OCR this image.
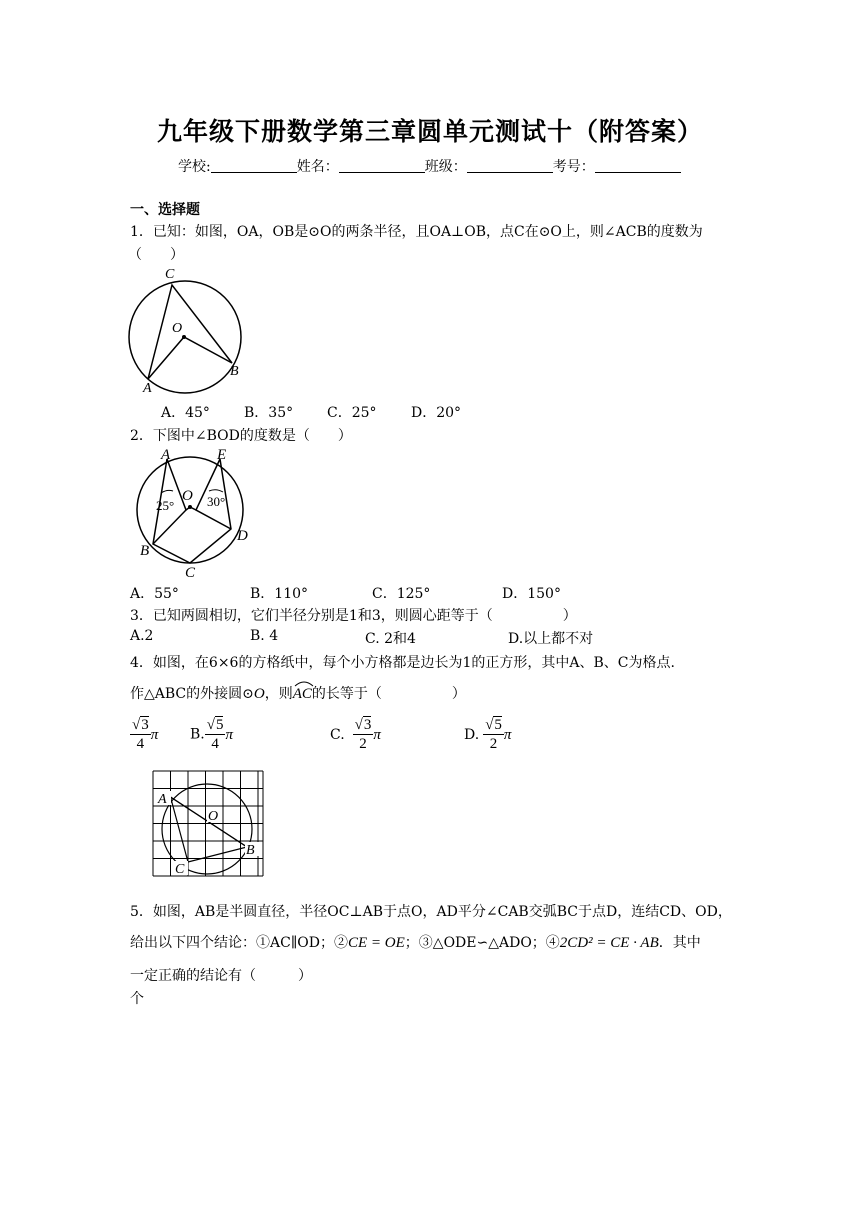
九年级下册数学第三章圆单元测试十（附答案）
学校:	姓名：	班级：	考号：
一、选择题
1．已知：如图，OA，OB是⊙O的两条半径，且OA⊥OB，点C在⊙O上，则∠ACB的度数为
（　　）
C
O
A
B
A．45° B．35° C．25° D．20°
2．下图中∠BOD的度数是（　　）
A	E
O
B
D
C
25°	30°
A．55°	B．110°	C．125°	D．150°
3．已知两圆相切，它们半径分别是1和3，则圆心距等于（　　　　　）
A.2	B. 4	C. 2和4	D.以上都不对
4．如图，在6×6的方格纸中，每个小方格都是边长为1的正方形，其中A、B、C为格点.
作△ABC的外接圆⊙O，则
AC的长等于（　　　　　）
$\frac{√3}{4}$ π B. $\frac{√5}{4}$ π	C. $\frac{√3}{2}$ π	D. $\frac{√5}{2}$ π
A
O
B
C
5．如图，AB是半圆直径，半径OC⊥AB于点O，AD平分∠CAB交弧BC于点D，连结CD、OD，
给出以下四个结论：①AC∥OD；②CE = OE；③△ODE∽△ADO；④2CD² = CE · AB．其中
一定正确的结论有（　　　）
个
